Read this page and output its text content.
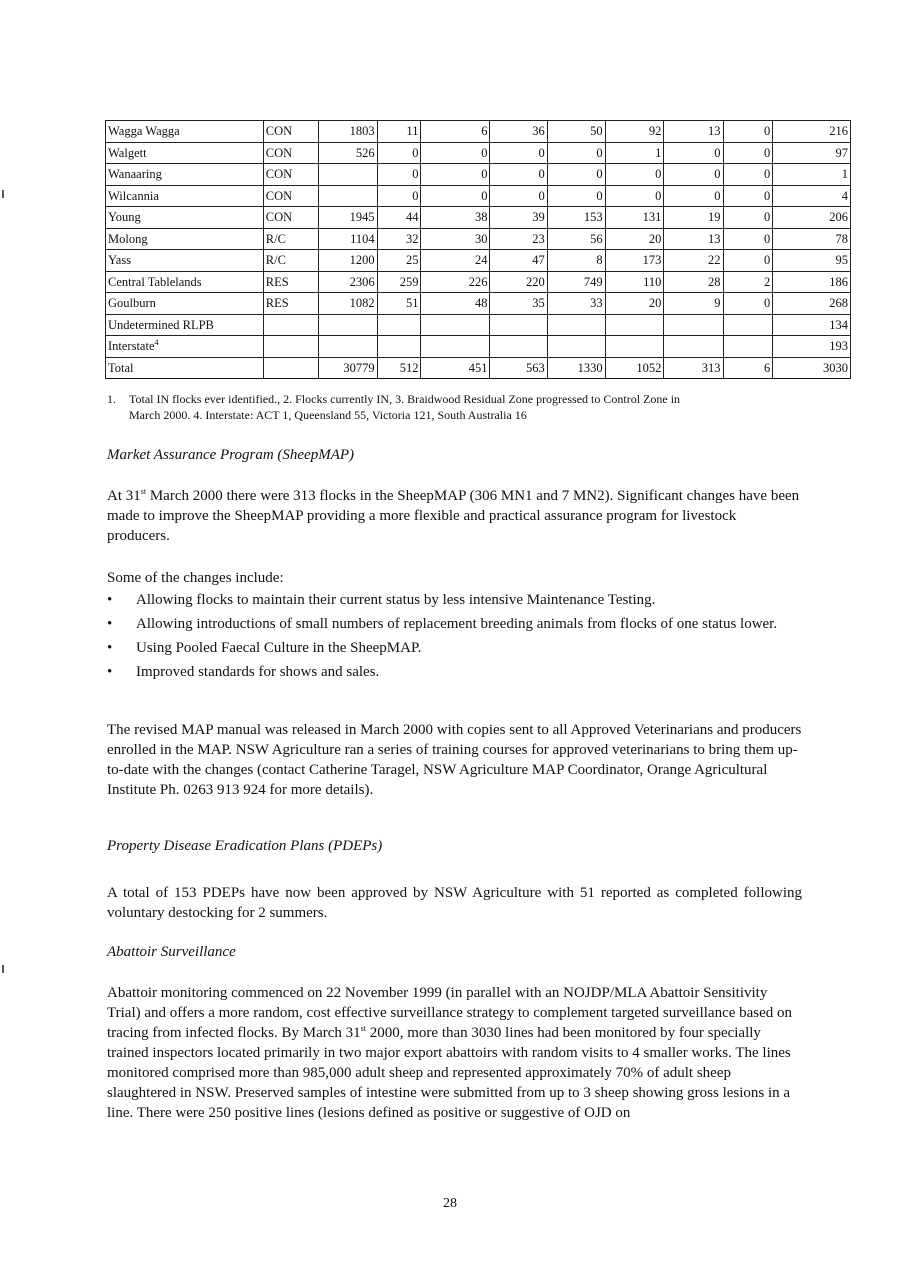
Wagga Wagga	CON	1803	11	6	36	50	92	13	0	216
Walgett	CON	526	0	0	0	0	1	0	0	97
Wanaaring	CON		0	0	0	0	0	0	0	1
Wilcannia	CON		0	0	0	0	0	0	0	4
Young	CON	1945	44	38	39	153	131	19	0	206
Molong	R/C	1104	32	30	23	56	20	13	0	78
Yass	R/C	1200	25	24	47	8	173	22	0	95
Central Tablelands	RES	2306	259	226	220	749	110	28	2	186
Goulburn	RES	1082	51	48	35	33	20	9	0	268
Undetermined RLPB										134
Interstate$^4$										193
Total		30779	512	451	563	1330	1052	313	6	3030
1. Total IN flocks ever identified., 2. Flocks currently IN, 3. Braidwood Residual Zone progressed to Control Zone in
March 2000. 4. Interstate: ACT 1, Queensland 55, Victoria 121, South Australia 16
Market Assurance Program (SheepMAP)
At 31st March 2000 there were 313 flocks in the SheepMAP (306 MN1 and 7 MN2). Significant changes have been made to improve the SheepMAP providing a more flexible and practical assurance program for livestock producers.
Some of the changes include:
•	Allowing flocks to maintain their current status by less intensive Maintenance Testing.
•	Allowing introductions of small numbers of replacement breeding animals from flocks of one status lower.
•	Using Pooled Faecal Culture in the SheepMAP.
•	Improved standards for shows and sales.
The revised MAP manual was released in March 2000 with copies sent to all Approved Veterinarians and producers enrolled in the MAP. NSW Agriculture ran a series of training courses for approved veterinarians to bring them up-to-date with the changes (contact Catherine Taragel, NSW Agriculture MAP Coordinator, Orange Agricultural Institute Ph. 0263 913 924 for more details).
Property Disease Eradication Plans (PDEPs)
A total of 153 PDEPs have now been approved by NSW Agriculture with 51 reported as completed following voluntary destocking for 2 summers.
Abattoir Surveillance
Abattoir monitoring commenced on 22 November 1999 (in parallel with an NOJDP/MLA Abattoir Sensitivity Trial) and offers a more random, cost effective surveillance strategy to complement targeted surveillance based on tracing from infected flocks. By March 31st 2000, more than 3030 lines had been monitored by four specially trained inspectors located primarily in two major export abattoirs with random visits to 4 smaller works. The lines monitored comprised more than 985,000 adult sheep and represented approximately 70% of adult sheep slaughtered in NSW. Preserved samples of intestine were submitted from up to 3 sheep showing gross lesions in a line. There were 250 positive lines (lesions defined as positive or suggestive of OJD on
28
